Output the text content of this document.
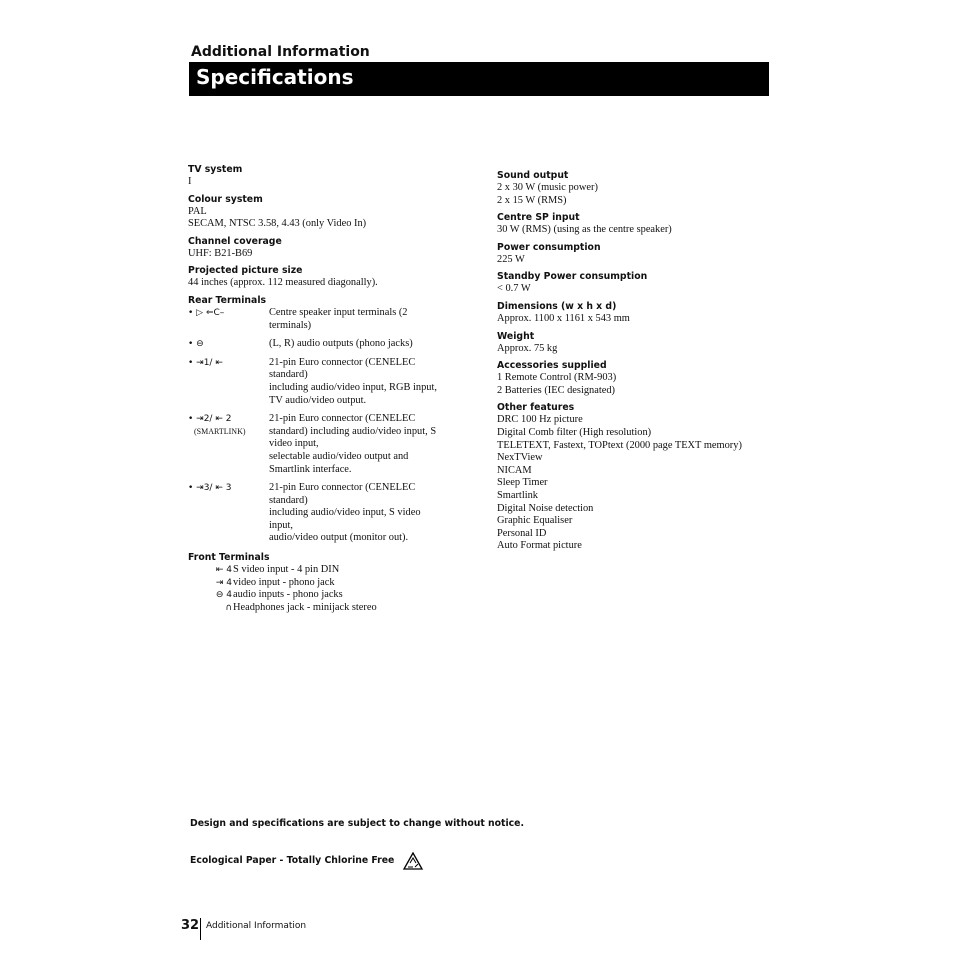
Additional Information
Specifications
TV system
I
Colour system
PAL
SECAM, NTSC 3.58, 4.43 (only Video In)
Channel coverage
UHF: B21-B69
Projected picture size
44 inches (approx. 112 measured diagonally).
Rear Terminals
• ▷ ⇐C–	Centre speaker input terminals (2 terminals)
• ⊖	(L, R) audio outputs (phono jacks)
• ⇥1/ ⇤	21-pin Euro connector (CENELEC standard)
including audio/video input, RGB input,
TV audio/video output.
• ⇥2/ ⇤ 2
(SMARTLINK)
21-pin Euro connector (CENELEC standard) including audio/video input, S video input,
selectable audio/video output and Smartlink interface.
• ⇥3/ ⇤ 3	21-pin Euro connector (CENELEC standard)
including audio/video input, S video input,
audio/video output (monitor out).
Front Terminals
⇤ 4S video input - 4 pin DIN
⇥ 4video input - phono jack
⊖ 4audio inputs - phono jacks
∩Headphones jack - minijack stereo
Sound output
2 x 30 W (music power)
2 x 15 W (RMS)
Centre SP input
30 W (RMS) (using as the centre speaker)
Power consumption
225 W
Standby Power consumption
< 0.7 W
Dimensions (w x h x d)
Approx. 1100 x 1161 x 543 mm
Weight
Approx. 75 kg
Accessories supplied
1 Remote Control (RM-903)
2 Batteries (IEC designated)
Other features
DRC 100 Hz picture
Digital Comb filter (High resolution)
TELETEXT, Fastext, TOPtext (2000 page TEXT memory)
NexTView
NICAM
Sleep Timer
Smartlink
Digital Noise detection
Graphic Equaliser
Personal ID
Auto Format picture
Design and specifications are subject to change without notice.
Ecological Paper - Totally Chlorine Free
32 Additional Information
